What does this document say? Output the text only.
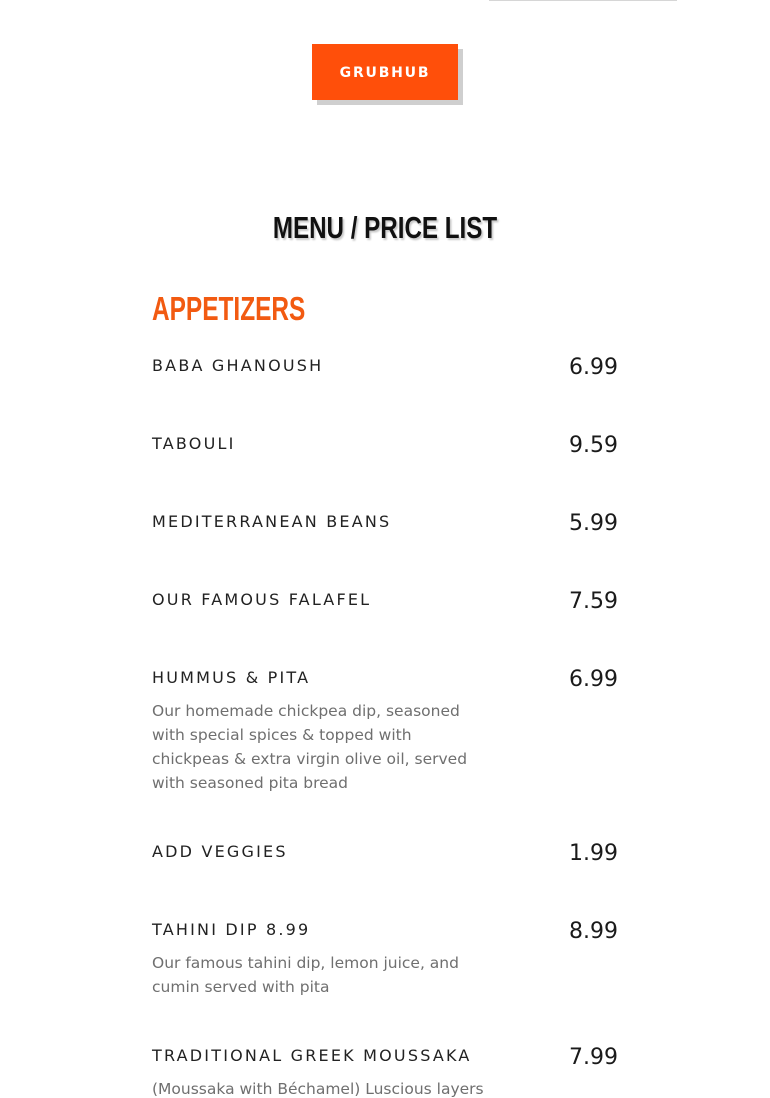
GRUBHUB
MENU / PRICE LIST
APPETIZERS
BABA GHANOUSH	6.99
TABOULI	9.59
MEDITERRANEAN BEANS	5.99
OUR FAMOUS FALAFEL	7.59
HUMMUS & PITA	6.99
Our homemade chickpea dip, seasoned with special spices & topped with chickpeas & extra virgin olive oil, served with seasoned pita bread
ADD VEGGIES	1.99
TAHINI DIP 8.99	8.99
Our famous tahini dip, lemon juice, and cumin served with pita
TRADITIONAL GREEK MOUSSAKA	7.99
(Moussaka with Béchamel) Luscious layers
